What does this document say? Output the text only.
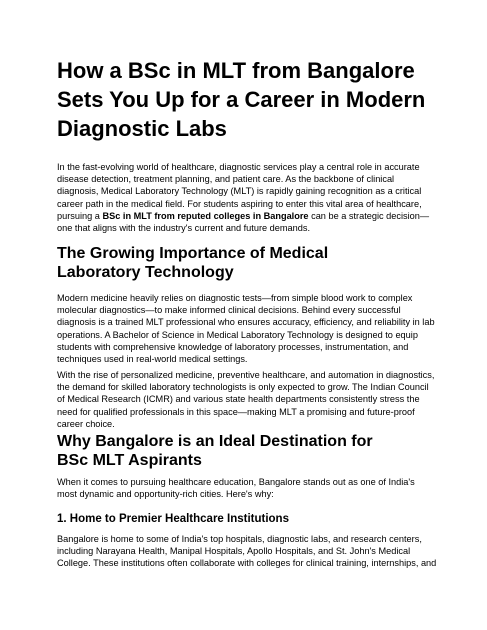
How a BSc in MLT from Bangalore Sets You Up for a Career in Modern Diagnostic Labs

In the fast-evolving world of healthcare, diagnostic services play a central role in accurate disease detection, treatment planning, and patient care. As the backbone of clinical diagnosis, Medical Laboratory Technology (MLT) is rapidly gaining recognition as a critical career path in the medical field. For students aspiring to enter this vital area of healthcare, pursuing a BSc in MLT from reputed colleges in Bangalore can be a strategic decision—one that aligns with the industry's current and future demands.

The Growing Importance of Medical Laboratory Technology

Modern medicine heavily relies on diagnostic tests—from simple blood work to complex molecular diagnostics—to make informed clinical decisions. Behind every successful diagnosis is a trained MLT professional who ensures accuracy, efficiency, and reliability in lab operations. A Bachelor of Science in Medical Laboratory Technology is designed to equip students with comprehensive knowledge of laboratory processes, instrumentation, and techniques used in real-world medical settings.

With the rise of personalized medicine, preventive healthcare, and automation in diagnostics, the demand for skilled laboratory technologists is only expected to grow. The Indian Council of Medical Research (ICMR) and various state health departments consistently stress the need for qualified professionals in this space—making MLT a promising and future-proof career choice.

Why Bangalore is an Ideal Destination for BSc MLT Aspirants

When it comes to pursuing healthcare education, Bangalore stands out as one of India's most dynamic and opportunity-rich cities. Here's why:

1. Home to Premier Healthcare Institutions

Bangalore is home to some of India's top hospitals, diagnostic labs, and research centers, including Narayana Health, Manipal Hospitals, Apollo Hospitals, and St. John's Medical College. These institutions often collaborate with colleges for clinical training, internships, and
